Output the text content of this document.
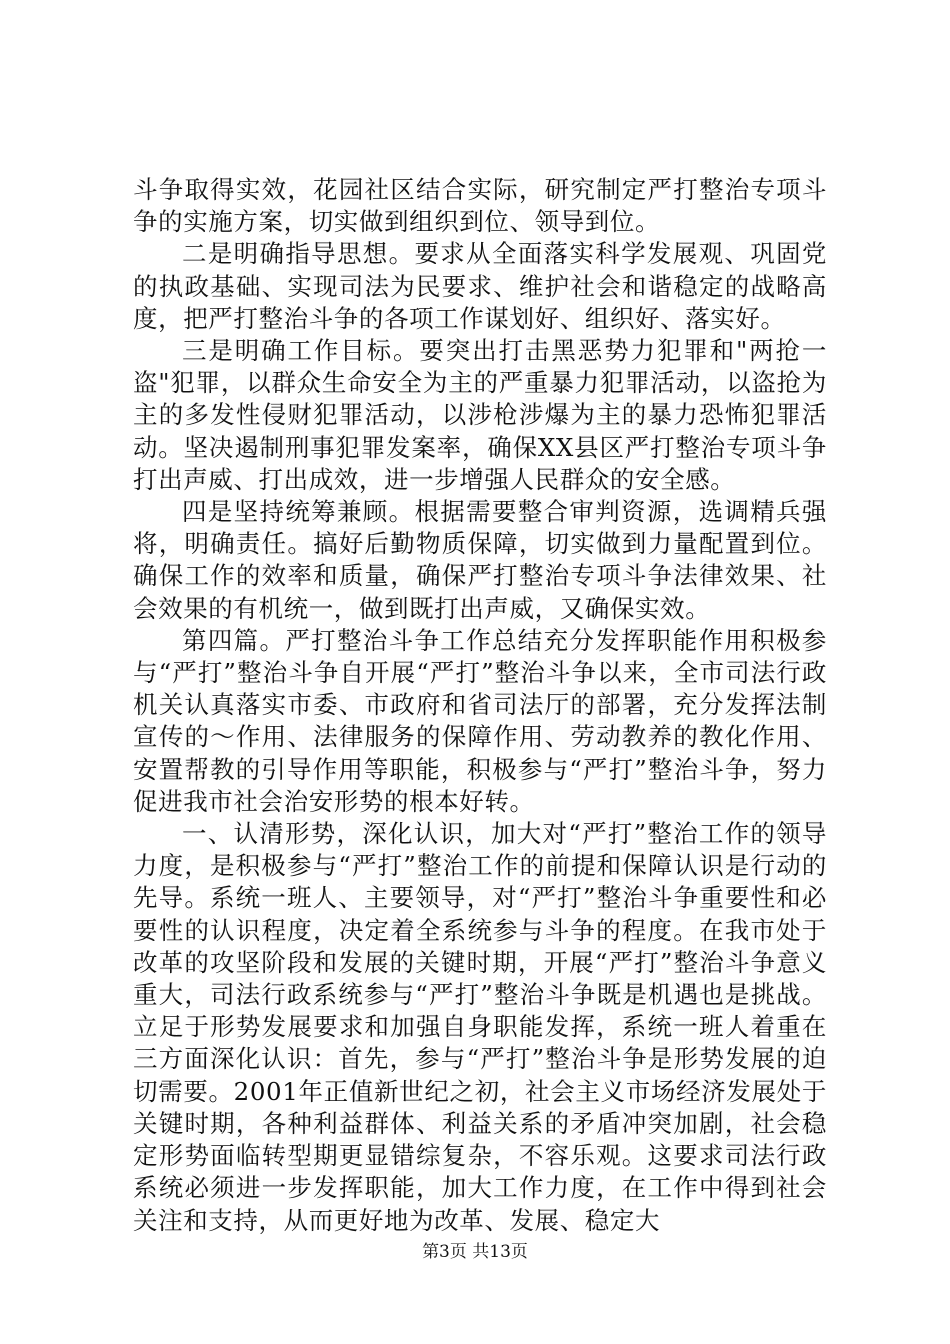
斗争取得实效，花园社区结合实际，研究制定严打整治专项斗争的实施方案，切实做到组织到位、领导到位。

二是明确指导思想。要求从全面落实科学发展观、巩固党的执政基础、实现司法为民要求、维护社会和谐稳定的战略高度，把严打整治斗争的各项工作谋划好、组织好、落实好。

三是明确工作目标。要突出打击黑恶势力犯罪和"两抢一盗"犯罪，以群众生命安全为主的严重暴力犯罪活动，以盗抢为主的多发性侵财犯罪活动，以涉枪涉爆为主的暴力恐怖犯罪活动。坚决遏制刑事犯罪发案率，确保XX县区严打整治专项斗争打出声威、打出成效，进一步增强人民群众的安全感。

四是坚持统筹兼顾。根据需要整合审判资源，选调精兵强将，明确责任。搞好后勤物质保障，切实做到力量配置到位。确保工作的效率和质量，确保严打整治专项斗争法律效果、社会效果的有机统一，做到既打出声威，又确保实效。

第四篇。严打整治斗争工作总结充分发挥职能作用积极参与“严打”整治斗争自开展“严打”整治斗争以来，全市司法行政机关认真落实市委、市政府和省司法厅的部署，充分发挥法制宣传的～作用、法律服务的保障作用、劳动教养的教化作用、安置帮教的引导作用等职能，积极参与“严打”整治斗争，努力促进我市社会治安形势的根本好转。

一、认清形势，深化认识，加大对“严打”整治工作的领导力度，是积极参与“严打”整治工作的前提和保障认识是行动的先导。系统一班人、主要领导，对“严打”整治斗争重要性和必要性的认识程度，决定着全系统参与斗争的程度。在我市处于改革的攻坚阶段和发展的关键时期，开展“严打”整治斗争意义重大，司法行政系统参与“严打”整治斗争既是机遇也是挑战。立足于形势发展要求和加强自身职能发挥，系统一班人着重在三方面深化认识：首先，参与“严打”整治斗争是形势发展的迫切需要。2001年正值新世纪之初，社会主义市场经济发展处于关键时期，各种利益群体、利益关系的矛盾冲突加剧，社会稳定形势面临转型期更显错综复杂，不容乐观。这要求司法行政系统必须进一步发挥职能，加大工作力度，在工作中得到社会关注和支持，从而更好地为改革、发展、稳定大

第3页 共13页
